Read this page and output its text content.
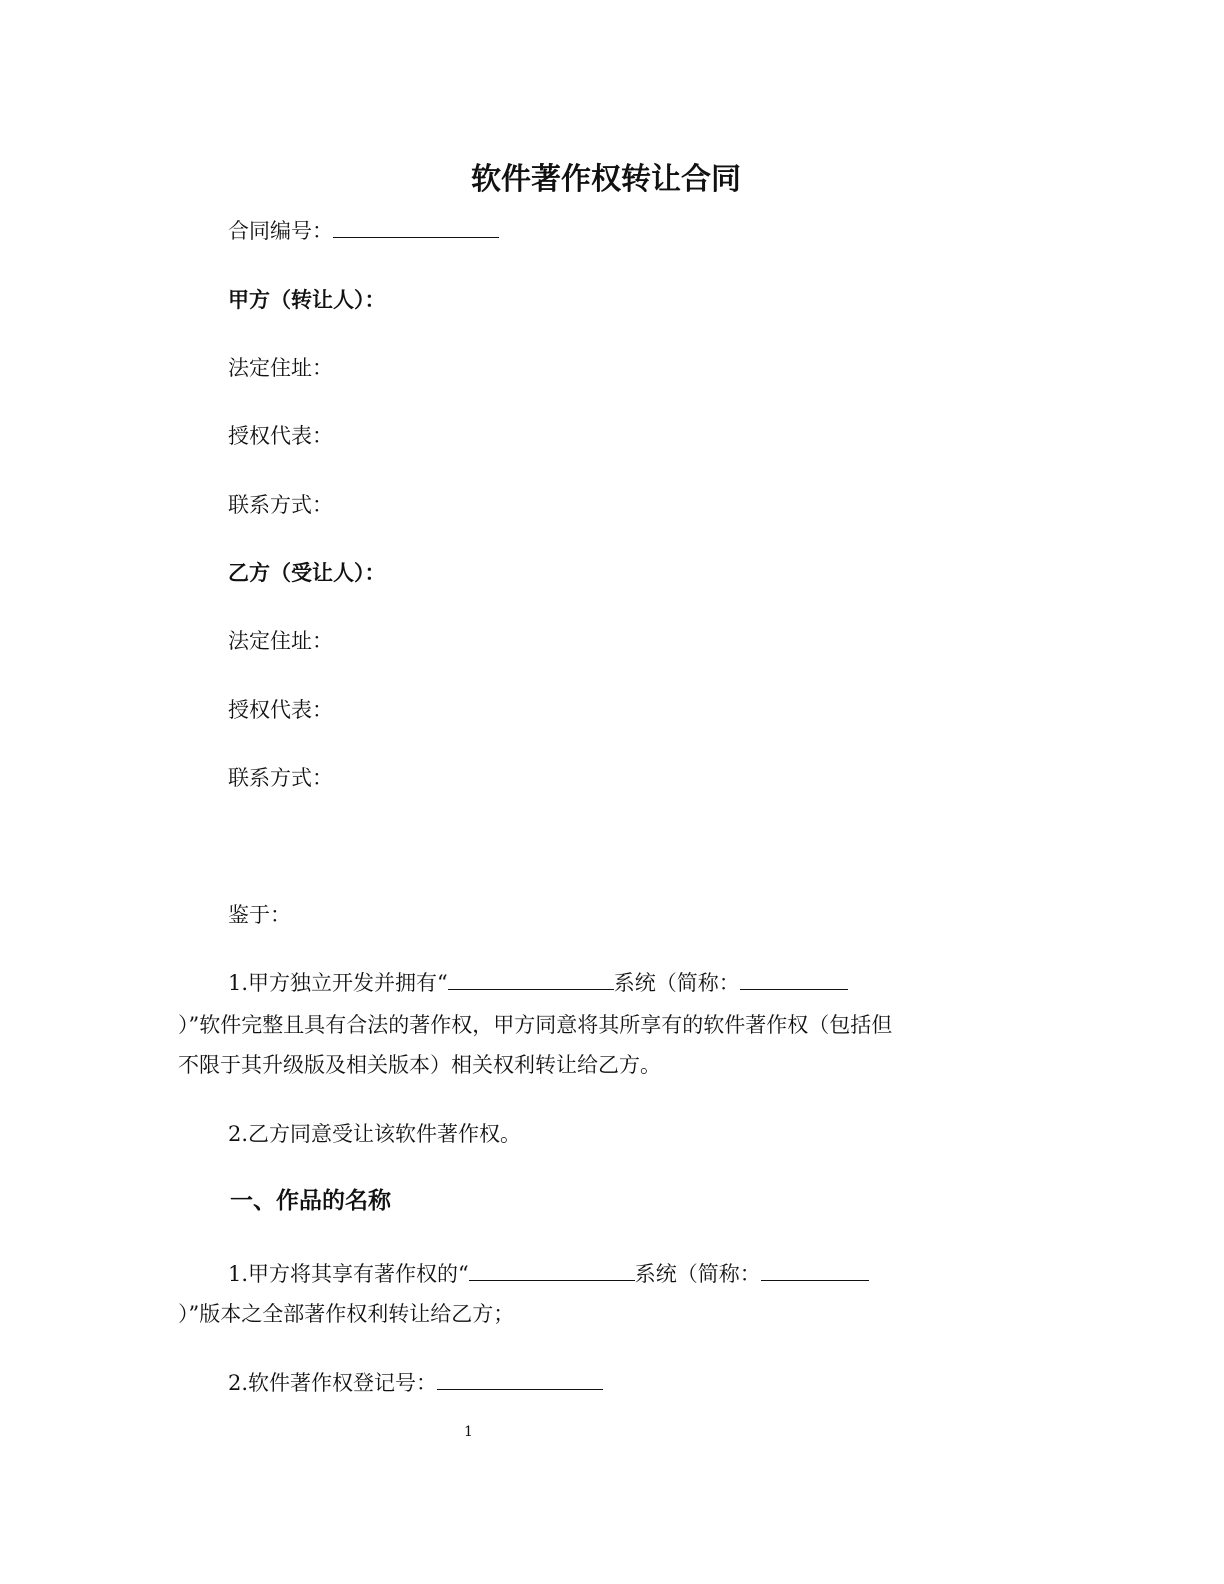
软件著作权转让合同
合同编号：
甲方（转让人）：
法定住址：
授权代表：
联系方式：
乙方（受让人）：
法定住址：
授权代表：
联系方式：
鉴于：
1.甲方独立开发并拥有“	系统（简称：
）”软件完整且具有合法的著作权，甲方同意将其所享有的软件著作权（包括但
不限于其升级版及相关版本）相关权利转让给乙方。
2.乙方同意受让该软件著作权。
一、作品的名称
1.甲方将其享有著作权的“	系统（简称：
）”版本之全部著作权利转让给乙方；
2.软件著作权登记号：
1
